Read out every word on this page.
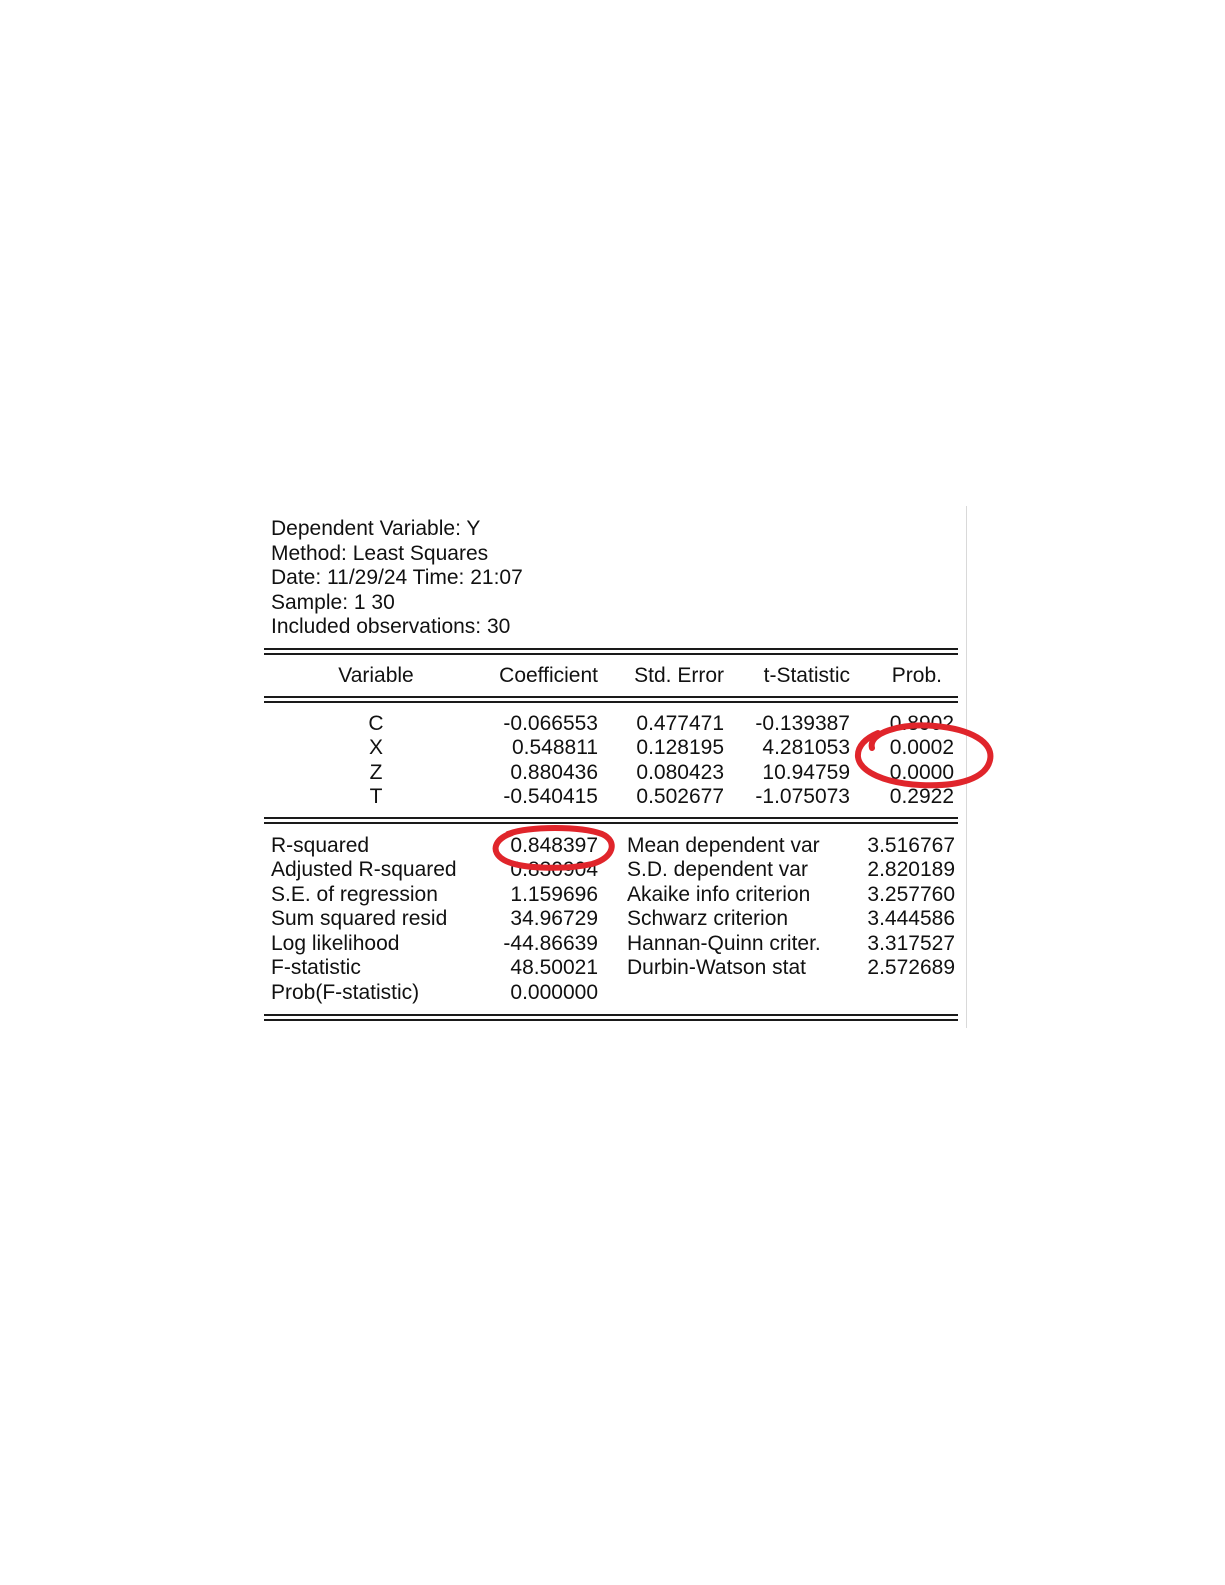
Dependent Variable: Y
Method: Least Squares
Date: 11/29/24 Time: 21:07
Sample: 1 30
Included observations: 30
Variable	Coefficient	Std. Error	t-Statistic	Prob.
C	-0.066553	0.477471	-0.139387	0.8902
X	0.548811	0.128195	4.281053	0.0002
Z	0.880436	0.080423	10.94759	0.0000
T	-0.540415	0.502677	-1.075073	0.2922
R-squared	0.848397 Mean dependent var	3.516767
Adjusted R-squared	0.830904 S.D. dependent var	2.820189
S.E. of regression	1.159696 Akaike info criterion	3.257760
Sum squared resid	34.96729 Schwarz criterion	3.444586
Log likelihood	-44.86639 Hannan-Quinn criter.	3.317527
F-statistic	48.50021 Durbin-Watson stat	2.572689
Prob(F-statistic)	0.000000
